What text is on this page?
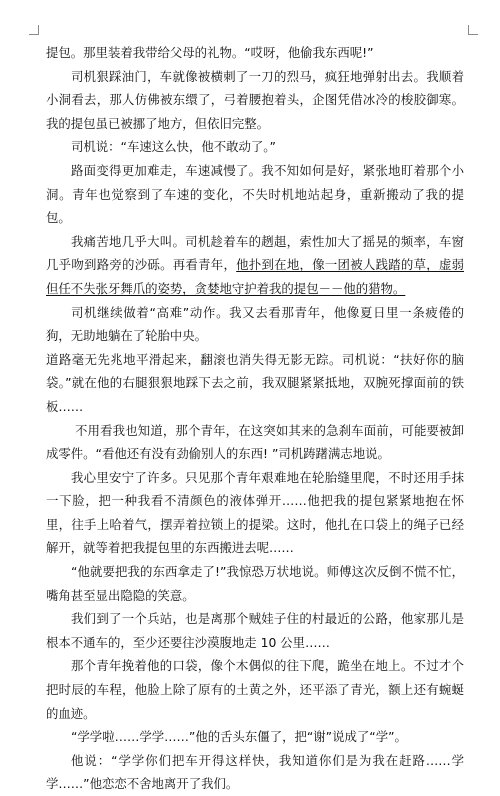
提包。那里装着我带给父母的礼物。“哎呀，他偷我东西呢!”

司机狠踩油门，车就像被横刺了一刀的烈马，疯狂地弹射出去。我顺着小洞看去，那人仿佛被东缳了，弓着腰抱着头，企图凭借冰冷的梭胶御寒。我的提包虽已被挪了地方，但依旧完整。

司机说：“车速这么快，他不敢动了。”

路面变得更加难走，车速减慢了。我不知如何是好，紧张地盯着那个小洞。青年也觉察到了车速的变化，不失时机地站起身，重新搬动了我的提包。

我痛苦地几乎大叫。司机趁着车的趔趄，索性加大了摇晃的频率，车窗几乎吻到路旁的沙砾。再看青年，他扑到在地，像一团被人践踏的草，虚弱但任不失张牙舞爪的姿势，贪婪地守护着我的提包－－他的猎物。

司机继续做着“高难”动作。我又去看那青年，他像夏日里一条疲倦的狗，无助地躺在了轮胎中央。

道路毫无先兆地平滑起来，翻滚也消失得无影无踪。司机说：“扶好你的脑袋。”就在他的右腿狠狠地踩下去之前，我双腿紧紧抵地，双腕死撑面前的铁板……

不用看我也知道，那个青年，在这突如其来的急刹车面前，可能要被卸成零件。“看他还有没有劲偷别人的东西! ”司机踌躇满志地说。

我心里安宁了许多。只见那个青年艰难地在轮胎缝里爬，不时还用手抹一下脸，把一种我看不清颜色的液体弹开……他把我的提包紧紧地抱在怀里，往手上哈着气，摆弄着拉锁上的提梁。这时，他扎在口袋上的绳子已经解开，就等着把我提包里的东西搬进去呢……

“他就要把我的东西拿走了!”我惊恐万状地说。师傅这次反倒不慌不忙，嘴角甚至显出隐隐的笑意。

我们到了一个兵站，也是离那个贼娃子住的村最近的公路，他家那儿是根本不通车的，至少还要往沙漠腹地走 10 公里……

那个青年挽着他的口袋，像个木偶似的往下爬，跪坐在地上。不过才个把时辰的车程，他脸上除了原有的土黄之外，还平添了青光，额上还有蜿蜒的血迹。

“学学啦……学学……”他的舌头东僵了，把“谢”说成了“学”。

他说：“学学你们把车开得这样快，我知道你们是为我在赶路……学学……”他恋恋不舍地离开了我们。
